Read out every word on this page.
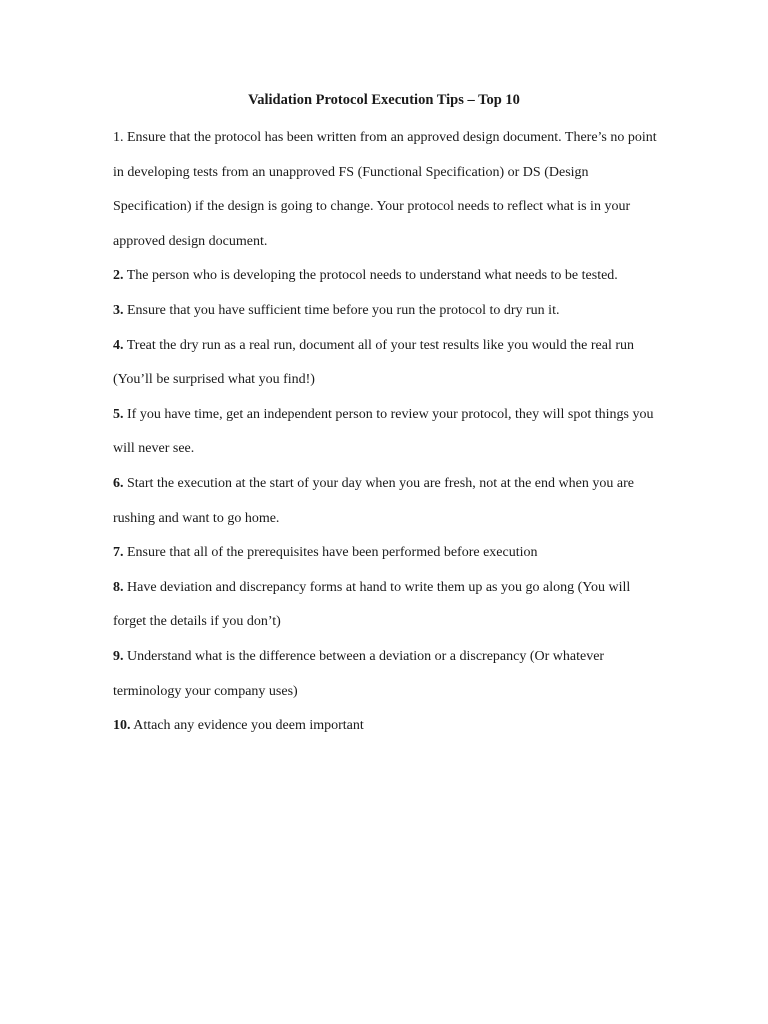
Validation Protocol Execution Tips – Top 10
1. Ensure that the protocol has been written from an approved design document. There’s no point in developing tests from an unapproved FS (Functional Specification) or DS (Design Specification) if the design is going to change. Your protocol needs to reflect what is in your approved design document.
2. The person who is developing the protocol needs to understand what needs to be tested.
3. Ensure that you have sufficient time before you run the protocol to dry run it.
4. Treat the dry run as a real run, document all of your test results like you would the real run (You’ll be surprised what you find!)
5. If you have time, get an independent person to review your protocol, they will spot things you will never see.
6. Start the execution at the start of your day when you are fresh, not at the end when you are rushing and want to go home.
7. Ensure that all of the prerequisites have been performed before execution
8. Have deviation and discrepancy forms at hand to write them up as you go along (You will forget the details if you don’t)
9. Understand what is the difference between a deviation or a discrepancy (Or whatever terminology your company uses)
10. Attach any evidence you deem important
